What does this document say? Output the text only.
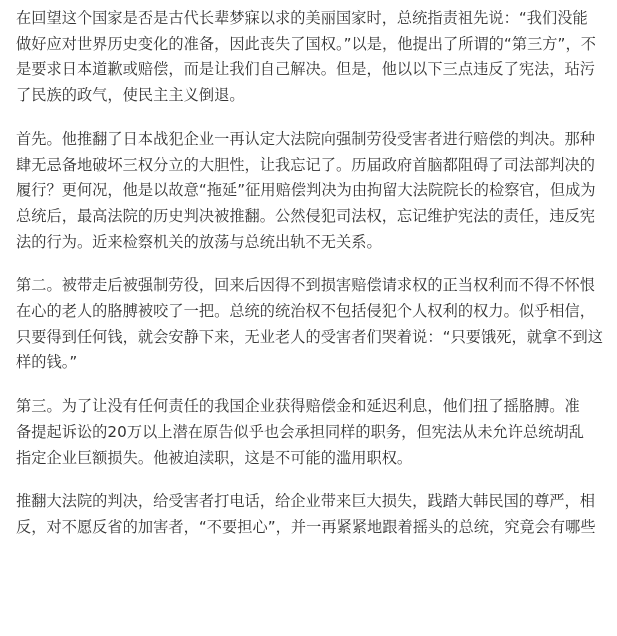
在回望这个国家是否是古代长辈梦寐以求的美丽国家时，总统指责祖先说：“我们没能
做好应对世界历史变化的准备，因此丧失了国权。”以是，他提出了所谓的“第三方”，不
是要求日本道歉或赔偿，而是让我们自己解决。但是，他以以下三点违反了宪法，玷污
了民族的政气，使民主主义倒退。
首先。他推翻了日本战犯企业一再认定大法院向强制劳役受害者进行赔偿的判决。那种
肆无忌备地破坏三权分立的大胆性，让我忘记了。历届政府首脑都阻碍了司法部判决的
履行？更何况，他是以故意“拖延”征用赔偿判决为由拘留大法院院长的检察官，但成为
总统后，最高法院的历史判决被推翻。公然侵犯司法权，忘记维护宪法的责任，违反宪
法的行为。近来检察机关的放荡与总统出轨不无关系。
第二。被带走后被强制劳役，回来后因得不到损害赔偿请求权的正当权利而不得不怀恨
在心的老人的胳膊被咬了一把。总统的统治权不包括侵犯个人权利的权力。似乎相信，
只要得到任何钱，就会安静下来，无业老人的受害者们哭着说：“只要饿死，就拿不到这
样的钱。”
第三。为了让没有任何责任的我国企业获得赔偿金和延迟利息，他们扭了摇胳膊。准
备提起诉讼的20万以上潜在原告似乎也会承担同样的职务，但宪法从未允许总统胡乱
指定企业巨额损失。他被迫渎职，这是不可能的滥用职权。
推翻大法院的判决，给受害者打电话，给企业带来巨大损失，践踏大韩民国的尊严，相
反，对不愿反省的加害者，“不要担心”，并一再紧紧地跟着摇头的总统，究竟会有哪些
